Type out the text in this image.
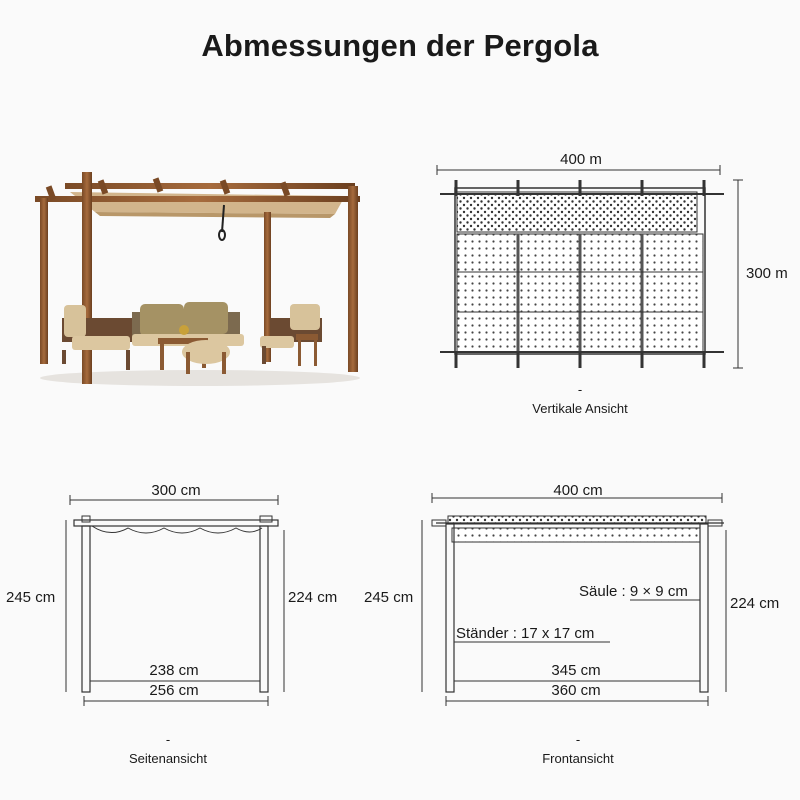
Abmessungen der Pergola
400 m
300 m
-
Vertikale Ansicht
300 cm
245 cm	224 cm
238 cm
256 cm
-
Seitenansicht
400 cm
245 cm	224 cm
Säule : 9 × 9 cm
Ständer : 17 x 17 cm
345 cm
360 cm
-
Frontansicht
